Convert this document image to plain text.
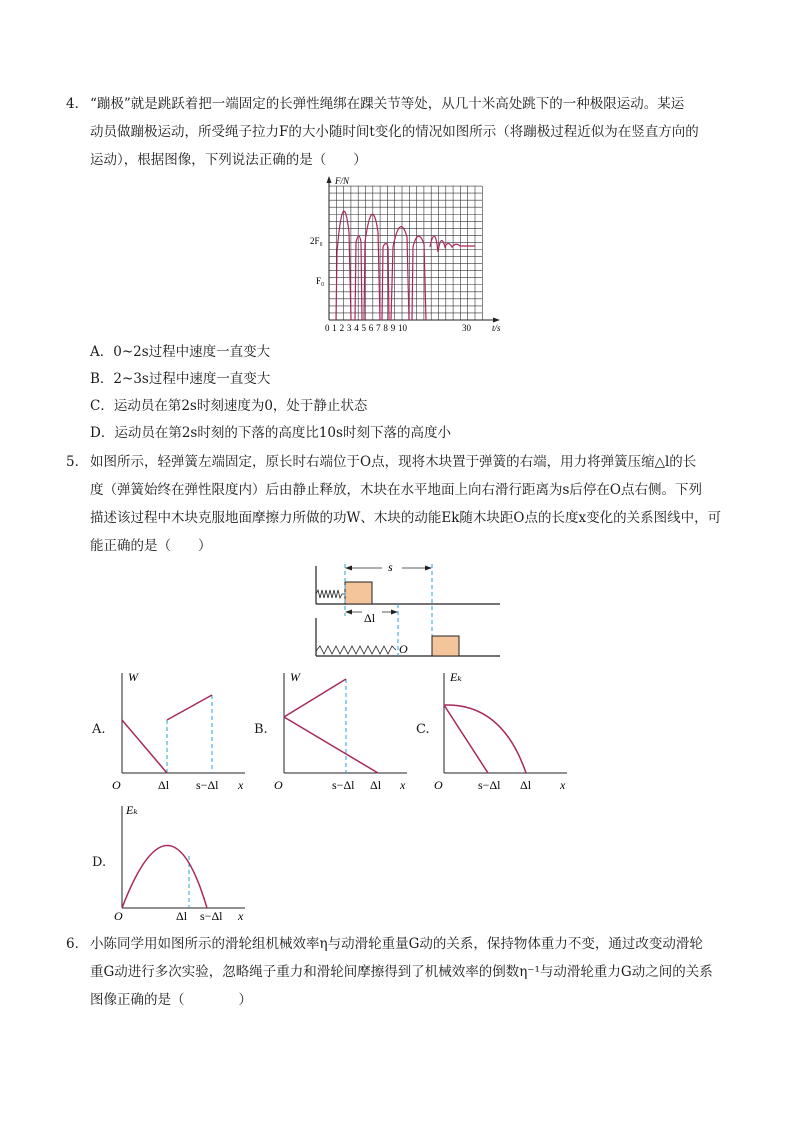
4． “蹦极”就是跳跃着把一端固定的长弹性绳绑在踝关节等处，从几十米高处跳下的一种极限运动。某运
动员做蹦极运动，所受绳子拉力F的大小随时间t变化的情况如图所示（将蹦极过程近似为在竖直方向的
运动），根据图像，下列说法正确的是（　　）
F/N
2F₀
F₀
0 1 2 3 4 5 6 7 8 9 10	30 t/s
A．0~2s过程中速度一直变大
B．2~3s过程中速度一直变大
C．运动员在第2s时刻速度为0，处于静止状态
D．运动员在第2s时刻的下落的高度比10s时刻下落的高度小
5． 如图所示，轻弹簧左端固定，原长时右端位于O点，现将木块置于弹簧的右端，用力将弹簧压缩△l的长
度（弹簧始终在弹性限度内）后由静止释放，木块在水平地面上向右滑行距离为s后停在O点右侧。下列
描述该过程中木块克服地面摩擦力所做的功W、木块的动能Ek随木块距O点的长度x变化的关系图线中，可
能正确的是（　　）
s
Δl
O
A.
W
O	Δl s−Δl x
B.
W
O	s−Δl Δl x
C.
Eₖ
O	s−Δl Δl x
D.
Eₖ
O	Δl s−Δl x
6． 小陈同学用如图所示的滑轮组机械效率η与动滑轮重量G动的关系，保持物体重力不变，通过改变动滑轮
重G动进行多次实验，忽略绳子重力和滑轮间摩擦得到了机械效率的倒数η⁻¹与动滑轮重力G动之间的关系
图像正确的是（　　　　）
